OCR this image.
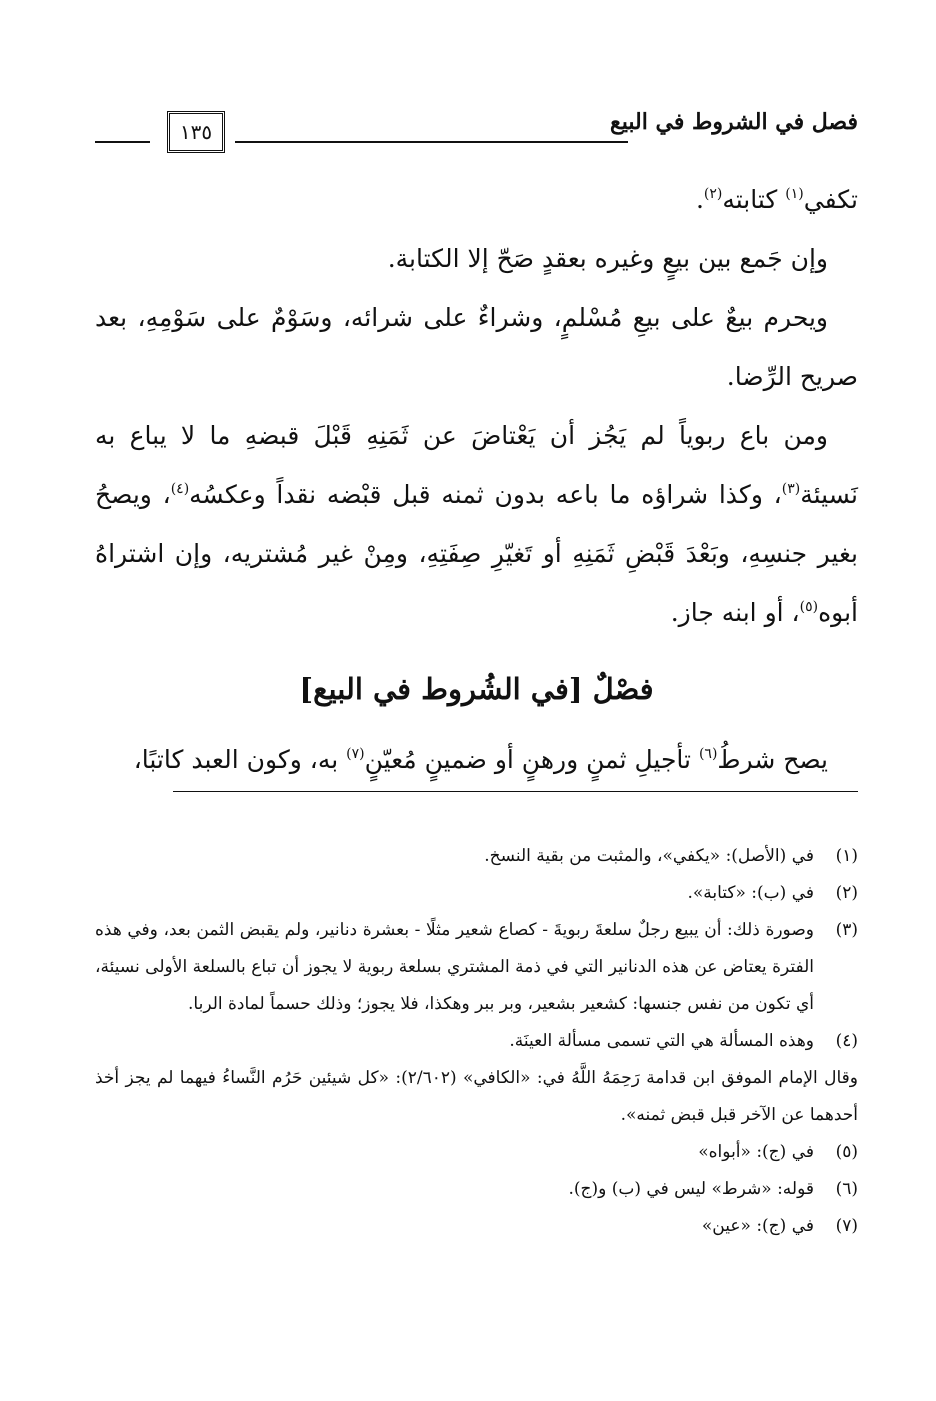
فصل في الشروط في البيع
١٣٥

تكفي$^{(١)}$ كتابته$^{(٢)}$.

وإن جَمع بين بيعٍ وغيره بعقدٍ صَحّ إلا الكتابة.

ويحرم بيعٌ على بيعِ مُسْلمٍ، وشراءٌ على شرائه، وسَوْمٌ على سَوْمِهِ، بعد صريح الرِّضا.

ومن باع ربوياً لم يَجُز أن يَعْتاضَ عن ثَمَنِهِ قَبْلَ قبضهِ ما لا يباع به نَسيئة$^{(٣)}$، وكذا شراؤه ما باعه بدون ثمنه قبل قبْضه نقداً وعكسُه$^{(٤)}$، ويصحُ بغير جنسِهِ، وبَعْدَ قَبْضِ ثَمَنِهِ أو تَغيّرِ صِفَتِهِ، ومِنْ غير مُشتريه، وإن اشتراهُ أبوه$^{(٥)}$، أو ابنه جاز.

فصْلٌ [في الشُروط في البيع]
يصح شرطُ$^{(٦)}$ تأجيلِ ثمنٍ ورهنٍ أو ضمينٍ مُعيّنٍ$^{(٧)}$ به، وكون العبد كاتبًا،
(١)
في (الأصل): «يكفي»، والمثبت من بقية النسخ.
(٢)
في (ب): «كتابة».
(٣)
وصورة ذلك: أن يبيع رجلٌ سلعةَ ربويةَ - كصاع شعير مثلًا - بعشرة دنانير، ولم يقبض الثمن بعد، وفي هذه الفترة يعتاض عن هذه الدنانير التي في ذمة المشتري بسلعة ربوية لا يجوز أن تباع بالسلعة الأولى نسيئة، أي تكون من نفس جنسها: كشعير بشعير، وبر ببر وهكذا، فلا يجوز؛ وذلك حسماً لمادة الربا.
(٤)
وهذه المسألة هي التي تسمى مسألة العينَة.
وقال الإمام الموفق ابن قدامة رَحِمَهُ اللَّهُ في: «الكافي» (٢/٦٠٢): «كل شيئين حَرُم النَّساءُ فيهما لم يجز أخذ أحدهما عن الآخر قبل قبض ثمنه».
(٥)
في (ج): «أبواه»
(٦)
قوله: «شرط» ليس في (ب) و(ج).
(٧)
في (ج): «عين»
